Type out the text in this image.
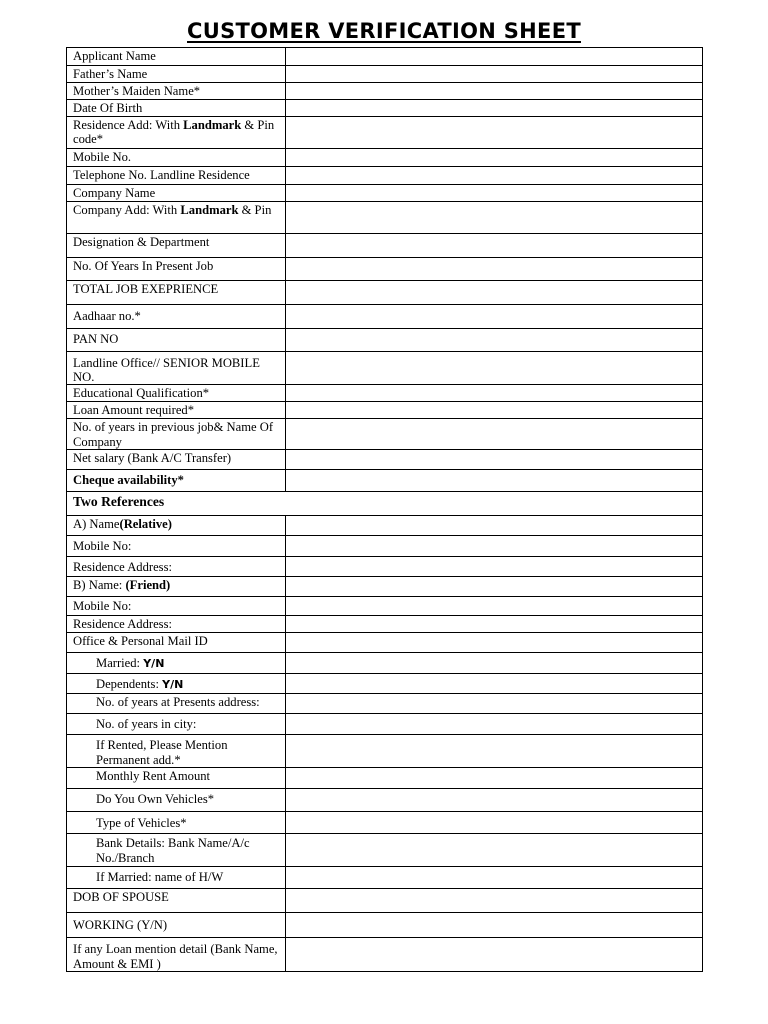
CUSTOMER VERIFICATION SHEET
Applicant Name	
Father’s Name	
Mother’s Maiden Name*	
Date Of Birth	
Residence Add: With Landmark & Pin code*	
Mobile No.	
Telephone No. Landline Residence	
Company Name	
Company Add: With Landmark & Pin	
Designation & Department	
No. Of Years In Present Job	
TOTAL JOB EXEPRIENCE	
Aadhaar no.*	
PAN NO	
Landline Office// SENIOR MOBILE NO.	
Educational Qualification*	
Loan Amount required*	
No. of years in previous job& Name Of Company	
Net salary (Bank A/C Transfer)	
Cheque availability*	
Two References	
A) Name(Relative)	
Mobile No:	
Residence Address:	
B) Name: (Friend)	
Mobile No:	
Residence Address:	
Office & Personal Mail ID	
Married: Y/N	
Dependents: Y/N	
No. of years at Presents address:	
No. of years in city:	
If Rented, Please Mention Permanent add.*	
Monthly Rent Amount	
Do You Own Vehicles*	
Type of Vehicles*	
Bank Details: Bank Name/A/c No./Branch	
If Married: name of H/W	
DOB OF SPOUSE	
WORKING (Y/N)	
If any Loan mention detail (Bank Name, Amount & EMI )	
